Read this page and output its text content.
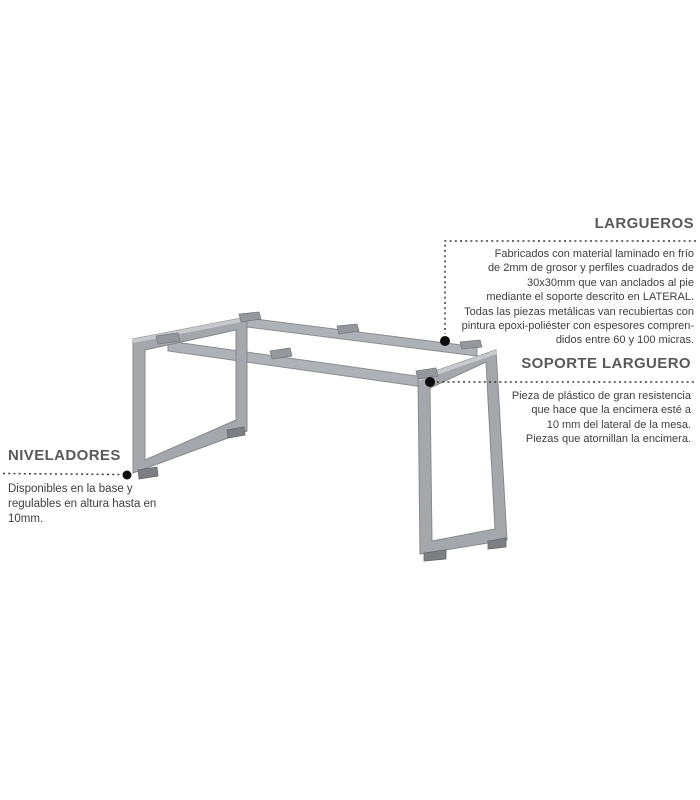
LARGUEROS
Fabricados con material laminado en frío
de 2mm de grosor y perfiles cuadrados de
30x30mm que van anclados al pie
mediante el soporte descrito en LATERAL.
Todas las piezas metálicas van recubiertas con
pintura epoxi-poliéster con espesores compren-
didos entre 60 y 100 micras.
SOPORTE LARGUERO
Pieza de plástico de gran resistencia
que hace que la encimera esté a
10 mm del lateral de la mesa.
Piezas que atornillan la encimera.
NIVELADORES
Disponibles en la base y
regulables en altura hasta en
10mm.
